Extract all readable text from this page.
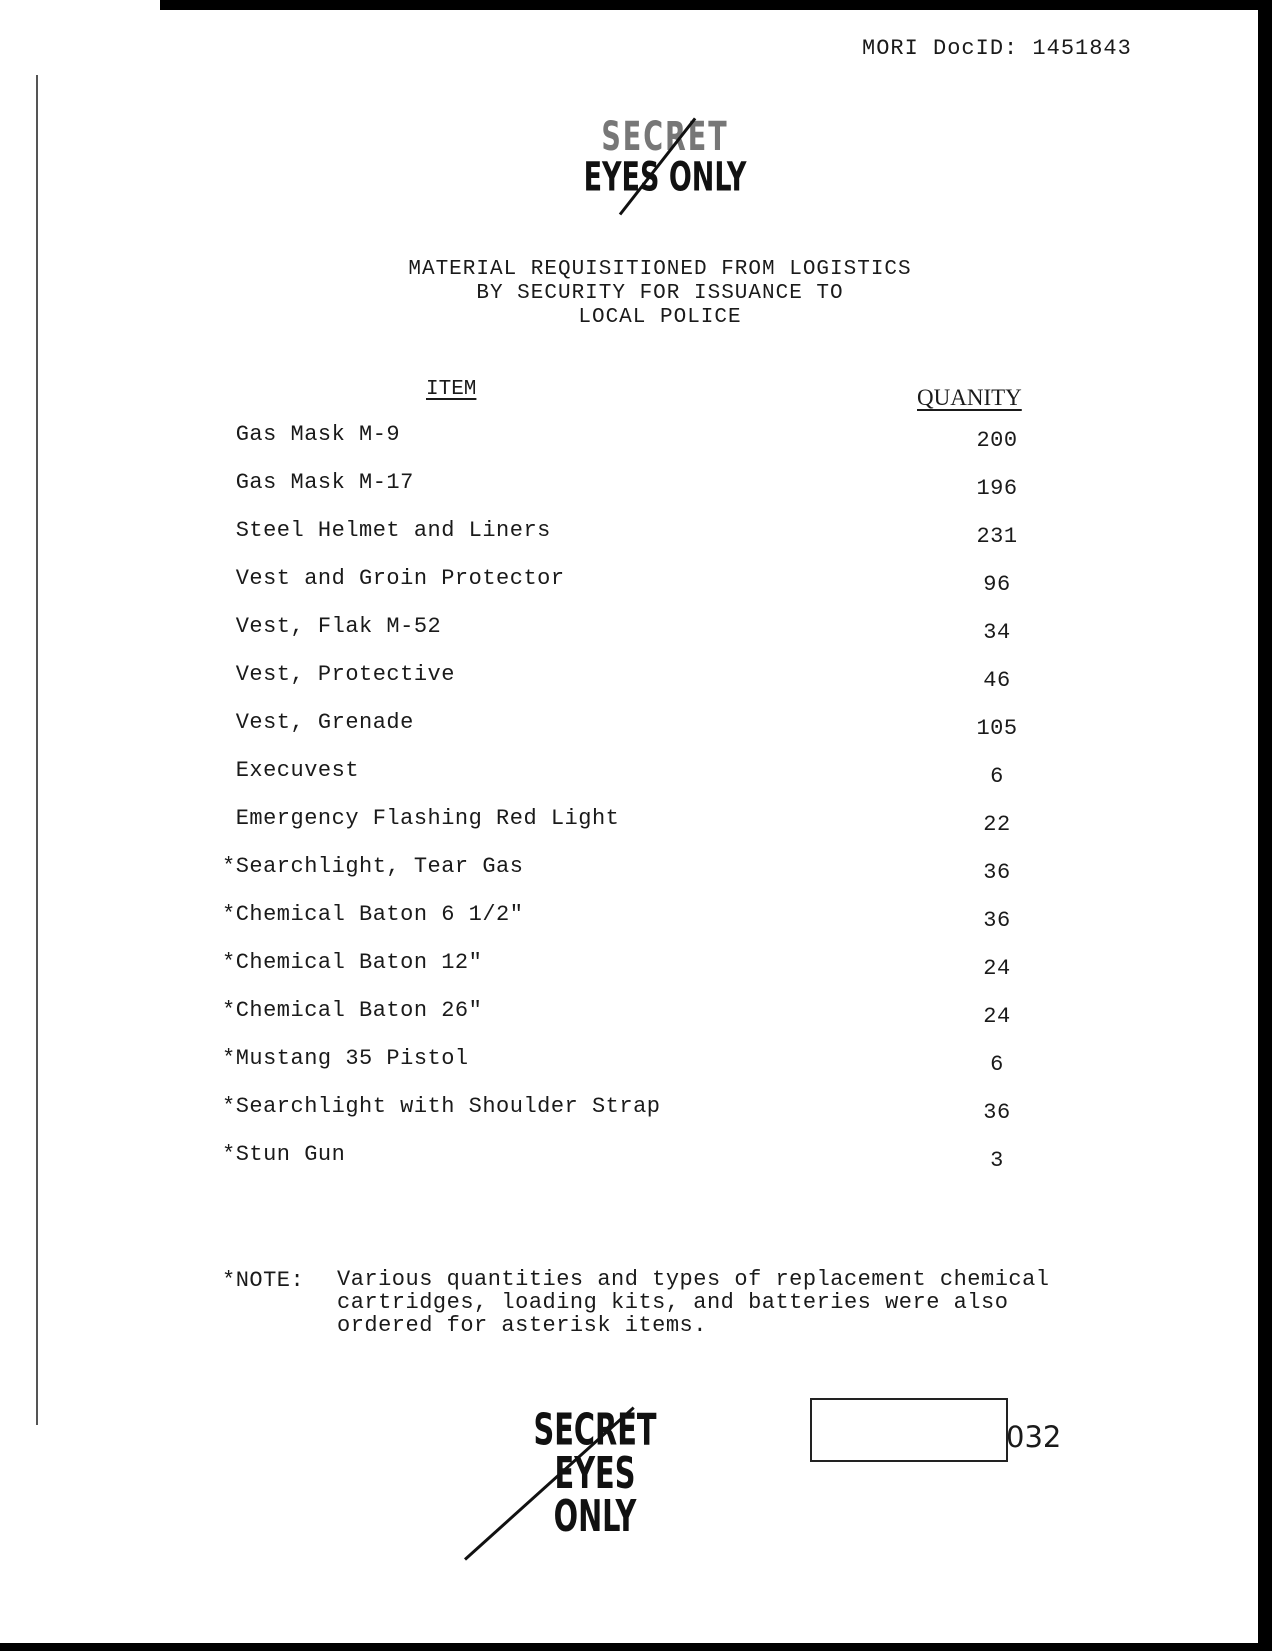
MORI DocID: 1451843
SECRET
EYES ONLY
MATERIAL REQUISITIONED FROM LOGISTICS
BY SECURITY FOR ISSUANCE TO
LOCAL POLICE
ITEM	QUANITY
Gas Mask M-9	200
Gas Mask M-17	196
Steel Helmet and Liners	231
Vest and Groin Protector	96
Vest, Flak M-52	34
Vest, Protective	46
Vest, Grenade	105
Execuvest	6
Emergency Flashing Red Light	22
*Searchlight, Tear Gas	36
*Chemical Baton 6 1/2"	36
*Chemical Baton 12"	24
*Chemical Baton 26"	24
*Mustang 35 Pistol	6
*Searchlight with Shoulder Strap	36
*Stun Gun	3
*NOTE: Various quantities and types of replacement chemical cartridges, loading kits, and batteries were also ordered for asterisk items.
SECRET
EYES ONLY
032
